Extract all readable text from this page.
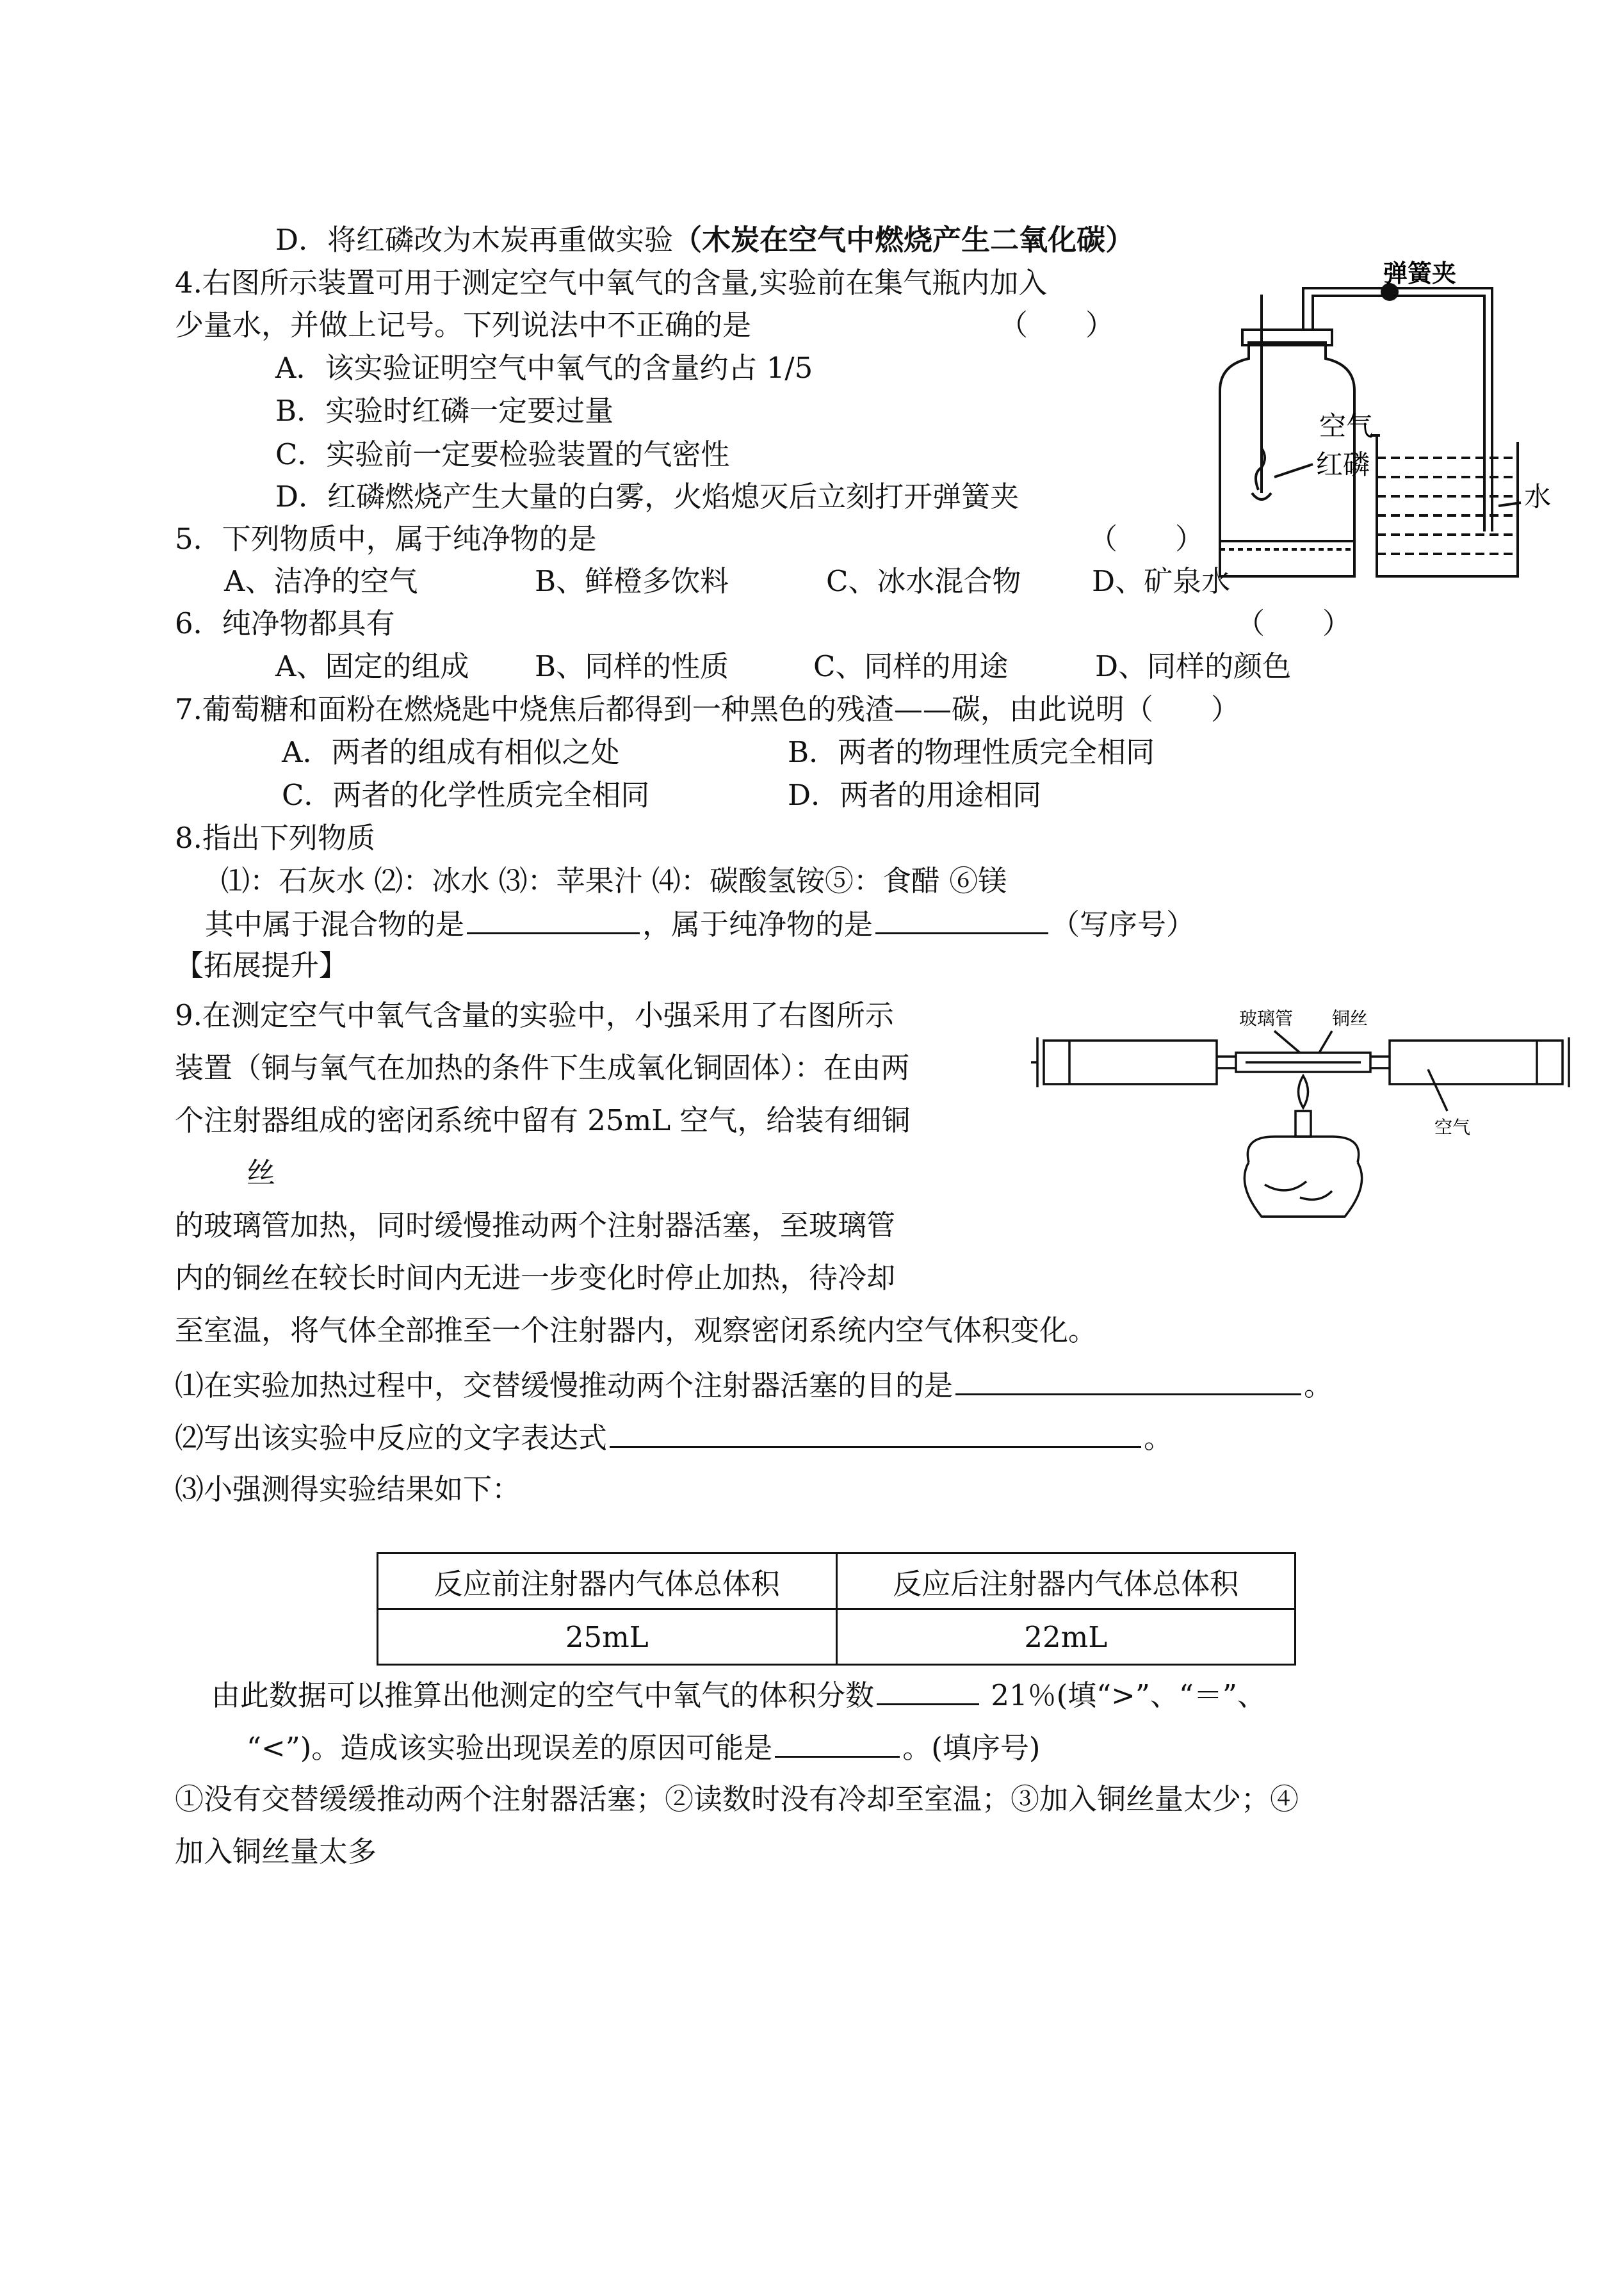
D．将红磷改为木炭再重做实验（木炭在空气中燃烧产生二氧化碳）
4.右图所示装置可用于测定空气中氧气的含量,实验前在集气瓶内加入
少量水，并做上记号。下列说法中不正确的是	（　　）
A．该实验证明空气中氧气的含量约占 1/5
B．实验时红磷一定要过量
C．实验前一定要检验装置的气密性
D．红磷燃烧产生大量的白雾，火焰熄灭后立刻打开弹簧夹
弹簧夹
空气
红磷
水
5．下列物质中，属于纯净物的是	（　　）
A、洁净的空气	B、鲜橙多饮料	C、冰水混合物 D、矿泉水
6．纯净物都具有	（　　）
A、固定的组成 B、同样的性质	C、同样的用途	D、同样的颜色
7.葡萄糖和面粉在燃烧匙中烧焦后都得到一种黑色的残渣——碳，由此说明（　　）
A．两者的组成有相似之处	B．两者的物理性质完全相同
C．两者的化学性质完全相同	D．两者的用途相同
8.指出下列物质
⑴：石灰水 ⑵：冰水 ⑶：苹果汁 ⑷：碳酸氢铵⑤：食醋 ⑥镁
其中属于混合物的是	，属于纯净物的是	（写序号）
【拓展提升】
9.在测定空气中氧气含量的实验中，小强采用了右图所示
装置（铜与氧气在加热的条件下生成氧化铜固体）：在由两
个注射器组成的密闭系统中留有 25mL 空气，给装有细铜
丝
的玻璃管加热，同时缓慢推动两个注射器活塞，至玻璃管
内的铜丝在较长时间内无进一步变化时停止加热，待冷却
至室温，将气体全部推至一个注射器内，观察密闭系统内空气体积变化。
玻璃管 铜丝
空气
⑴在实验加热过程中，交替缓慢推动两个注射器活塞的目的是	。
⑵写出该实验中反应的文字表达式	。
⑶小强测得实验结果如下：
反应前注射器内气体总体积	反应后注射器内气体总体积
25mL	22mL
由此数据可以推算出他测定的空气中氧气的体积分数	21％(填“>”、“＝”、
“<”)。造成该实验出现误差的原因可能是	。(填序号)
①没有交替缓缓推动两个注射器活塞；②读数时没有冷却至室温；③加入铜丝量太少；④
加入铜丝量太多
